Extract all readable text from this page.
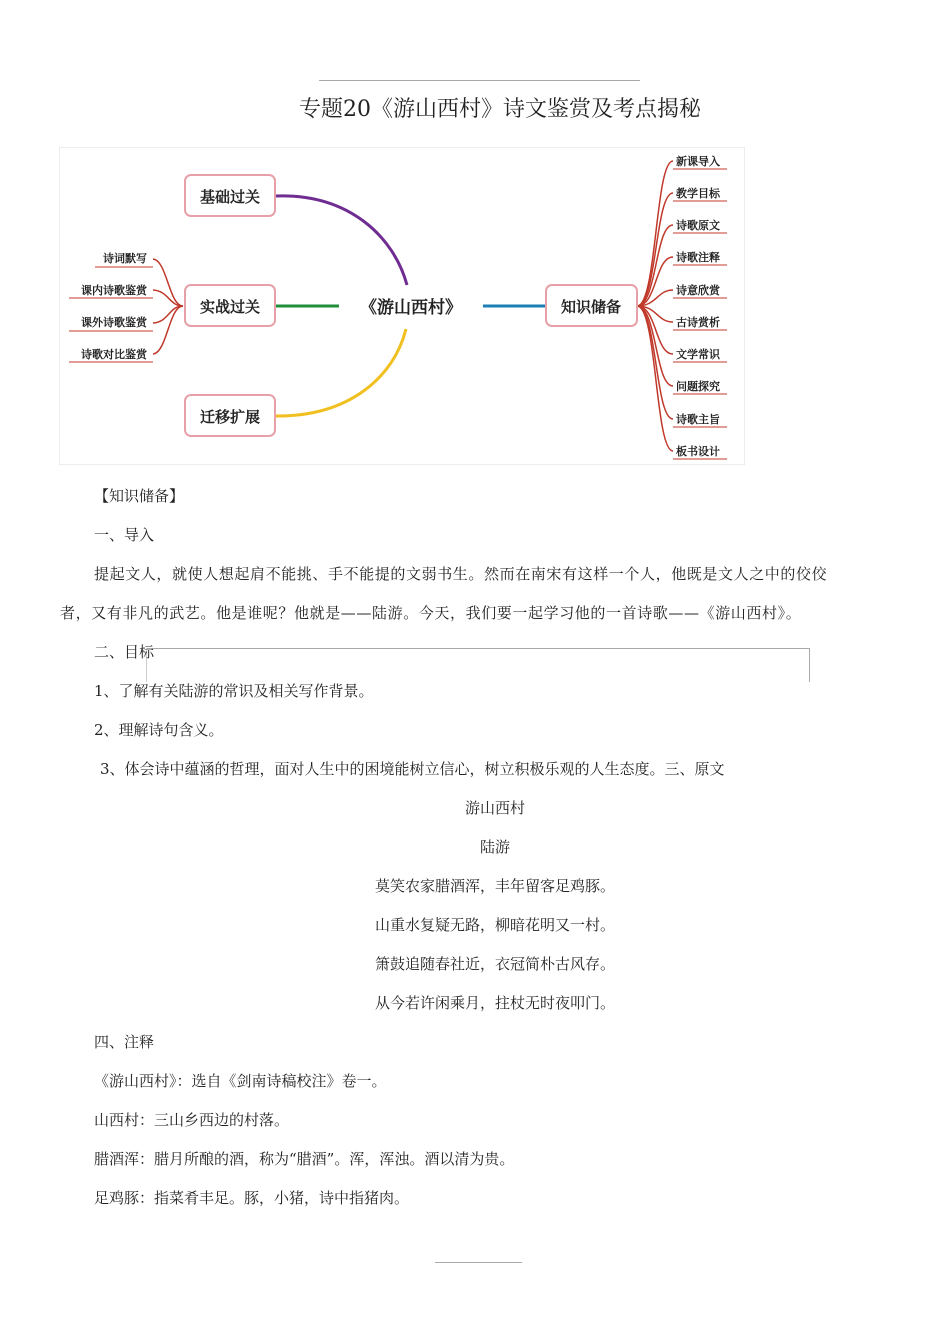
专题20《游山西村》诗文鉴赏及考点揭秘
基础过关
实战过关
迁移扩展
知识储备
《游山西村》
诗词默写
课内诗歌鉴赏
课外诗歌鉴赏
诗歌对比鉴赏
新课导入
教学目标
诗歌原文
诗歌注释
诗意欣赏
古诗赏析
文学常识
问题探究
诗歌主旨
板书设计
【知识储备】
一、导入
提起文人，就使人想起肩不能挑、手不能提的文弱书生。然而在南宋有这样一个人，他既是文人之中的佼佼
者，又有非凡的武艺。他是谁呢？他就是——陆游。今天，我们要一起学习他的一首诗歌——《游山西村》。
二、目标
1、了解有关陆游的常识及相关写作背景。
2、理解诗句含义。
3、体会诗中蕴涵的哲理，面对人生中的困境能树立信心，树立积极乐观的人生态度。三、原文
游山西村
陆游
莫笑农家腊酒浑，丰年留客足鸡豚。
山重水复疑无路，柳暗花明又一村。
箫鼓追随春社近，衣冠简朴古风存。
从今若许闲乘月，拄杖无时夜叩门。
四、注释
《游山西村》：选自《剑南诗稿校注》卷一。
山西村：三山乡西边的村落。
腊酒浑：腊月所酿的酒，称为“腊酒”。浑，浑浊。酒以清为贵。
足鸡豚：指菜肴丰足。豚，小猪，诗中指猪肉。
